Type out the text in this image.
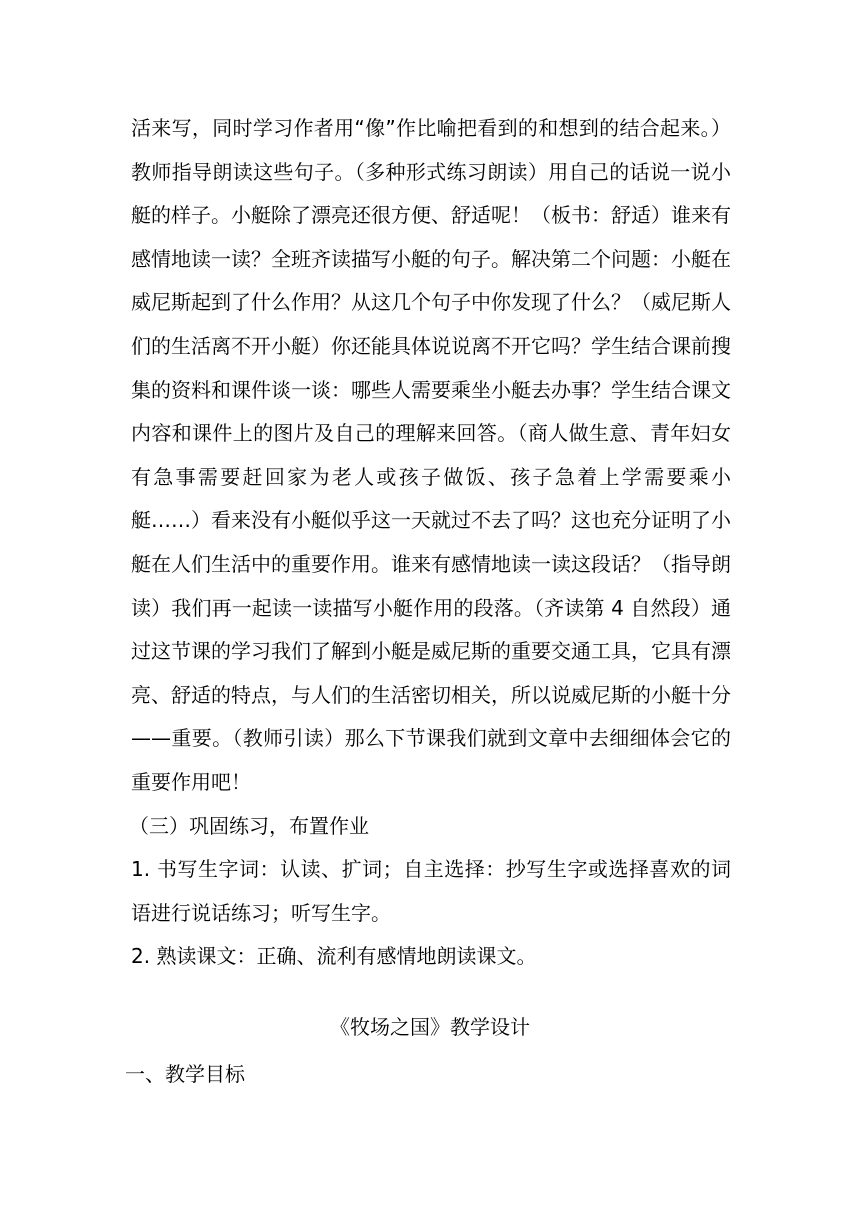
活来写，同时学习作者用“像”作比喻把看到的和想到的结合起来。）
教师指导朗读这些句子。（多种形式练习朗读）用自己的话说一说小
艇的样子。小艇除了漂亮还很方便、舒适呢！（板书：舒适）谁来有
感情地读一读？全班齐读描写小艇的句子。解决第二个问题：小艇在
威尼斯起到了什么作用？从这几个句子中你发现了什么？（威尼斯人
们的生活离不开小艇）你还能具体说说离不开它吗？学生结合课前搜
集的资料和课件谈一谈：哪些人需要乘坐小艇去办事？学生结合课文
内容和课件上的图片及自己的理解来回答。（商人做生意、青年妇女
有急事需要赶回家为老人或孩子做饭、孩子急着上学需要乘小
艇……）看来没有小艇似乎这一天就过不去了吗？这也充分证明了小
艇在人们生活中的重要作用。谁来有感情地读一读这段话？（指导朗
读）我们再一起读一读描写小艇作用的段落。（齐读第 4 自然段）通
过这节课的学习我们了解到小艇是威尼斯的重要交通工具，它具有漂
亮、舒适的特点，与人们的生活密切相关，所以说威尼斯的小艇十分
——重要。（教师引读）那么下节课我们就到文章中去细细体会它的
重要作用吧！
（三）巩固练习，布置作业
1. 书写生字词：认读、扩词；自主选择：抄写生字或选择喜欢的词
语进行说话练习；听写生字。
2. 熟读课文：正确、流利有感情地朗读课文。
《牧场之国》教学设计
一、教学目标
